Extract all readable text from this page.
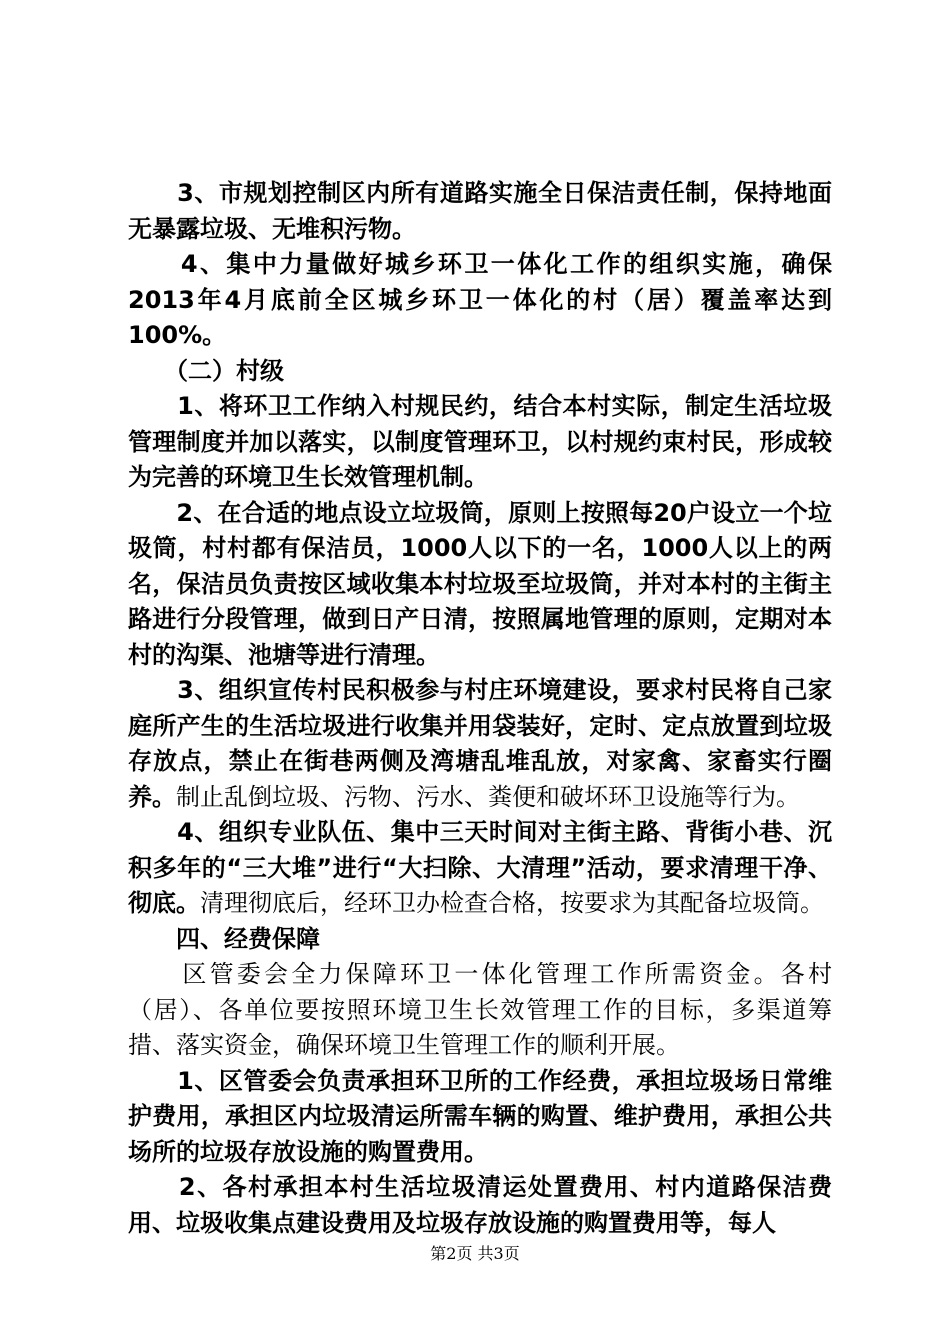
　　3、市规划控制区内所有道路实施全日保洁责任制，保持地面无暴露垃圾、无堆积污物。

　　4、集中力量做好城乡环卫一体化工作的组织实施，确保2013年4月底前全区城乡环卫一体化的村（居）覆盖率达到100%。

　　（二）村级

　　1、将环卫工作纳入村规民约，结合本村实际，制定生活垃圾管理制度并加以落实，以制度管理环卫，以村规约束村民，形成较为完善的环境卫生长效管理机制。

　　2、在合适的地点设立垃圾筒，原则上按照每20户设立一个垃圾筒，村村都有保洁员，1000人以下的一名，1000人以上的两名，保洁员负责按区域收集本村垃圾至垃圾筒，并对本村的主街主路进行分段管理，做到日产日清，按照属地管理的原则，定期对本村的沟渠、池塘等进行清理。

　　3、组织宣传村民积极参与村庄环境建设，要求村民将自己家庭所产生的生活垃圾进行收集并用袋装好，定时、定点放置到垃圾存放点，禁止在街巷两侧及湾塘乱堆乱放，对家禽、家畜实行圈养。制止乱倒垃圾、污物、污水、粪便和破坏环卫设施等行为。

　　4、组织专业队伍、集中三天时间对主街主路、背街小巷、沉积多年的“三大堆”进行“大扫除、大清理”活动，要求清理干净、彻底。清理彻底后，经环卫办检查合格，按要求为其配备垃圾筒。

　　四、经费保障

　　区管委会全力保障环卫一体化管理工作所需资金。各村（居）、各单位要按照环境卫生长效管理工作的目标，多渠道筹措、落实资金，确保环境卫生管理工作的顺利开展。

　　1、区管委会负责承担环卫所的工作经费，承担垃圾场日常维护费用，承担区内垃圾清运所需车辆的购置、维护费用，承担公共场所的垃圾存放设施的购置费用。

　　2、各村承担本村生活垃圾清运处置费用、村内道路保洁费用、垃圾收集点建设费用及垃圾存放设施的购置费用等，每人

第2页 共3页
